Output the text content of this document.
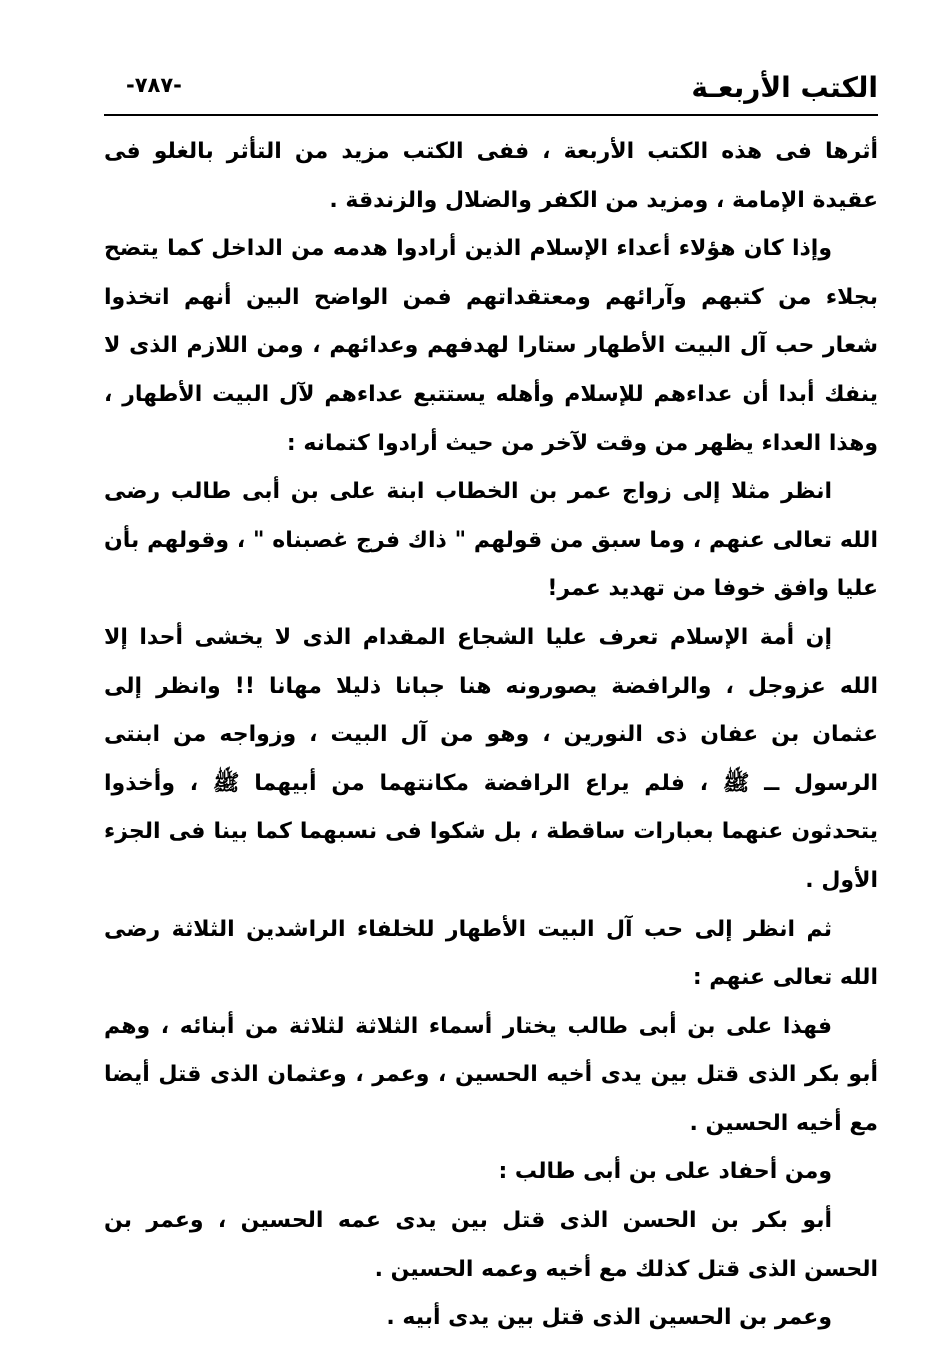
الكتب الأربعـة
-٧٨٧-

أثرها فى هذه الكتب الأربعة ، ففى الكتب مزيد من التأثر بالغلو فى عقيدة الإمامة ، ومزيد من الكفر والضلال والزندقة .

وإذا كان هؤلاء أعداء الإسلام الذين أرادوا هدمه من الداخل كما يتضح بجلاء من كتبهم وآرائهم ومعتقداتهم فمن الواضح البين أنهم اتخذوا شعار حب آل البيت الأطهار ستارا لهدفهم وعدائهم ، ومن اللازم الذى لا ينفك أبدا أن عداءهم للإسلام وأهله يستتبع عداءهم لآل البيت الأطهار ، وهذا العداء يظهر من وقت لآخر من حيث أرادوا كتمانه :

انظر مثلا إلى زواج عمر بن الخطاب ابنة على بن أبى طالب رضى الله تعالى عنهم ، وما سبق من قولهم " ذاك فرج غصبناه " ، وقولهم بأن عليا وافق خوفا من تهديد عمر!

إن أمة الإسلام تعرف عليا الشجاع المقدام الذى لا يخشى أحدا إلا الله عزوجل ، والرافضة يصورونه هنا جبانا ذليلا مهانا !! وانظر إلى عثمان بن عفان ذى النورين ، وهو من آل البيت ، وزواجه من ابنتى الرسول ــ ﷺ ، فلم يراع الرافضة مكانتهما من أبيهما ﷺ ، وأخذوا يتحدثون عنهما بعبارات ساقطة ، بل شكوا فى نسبهما كما بينا فى الجزء الأول .

ثم انظر إلى حب آل البيت الأطهار للخلفاء الراشدين الثلاثة رضى الله تعالى عنهم :

فهذا على بن أبى طالب يختار أسماء الثلاثة لثلاثة من أبنائه ، وهم أبو بكر الذى قتل بين يدى أخيه الحسين ، وعمر ، وعثمان الذى قتل أيضا مع أخيه الحسين .

ومن أحفاد على بن أبى طالب :

أبو بكر بن الحسن الذى قتل بين يدى عمه الحسين ، وعمر بن الحسن الذى قتل كذلك مع أخيه وعمه الحسين .

وعمر بن الحسين الذى قتل بين يدى أبيه .
